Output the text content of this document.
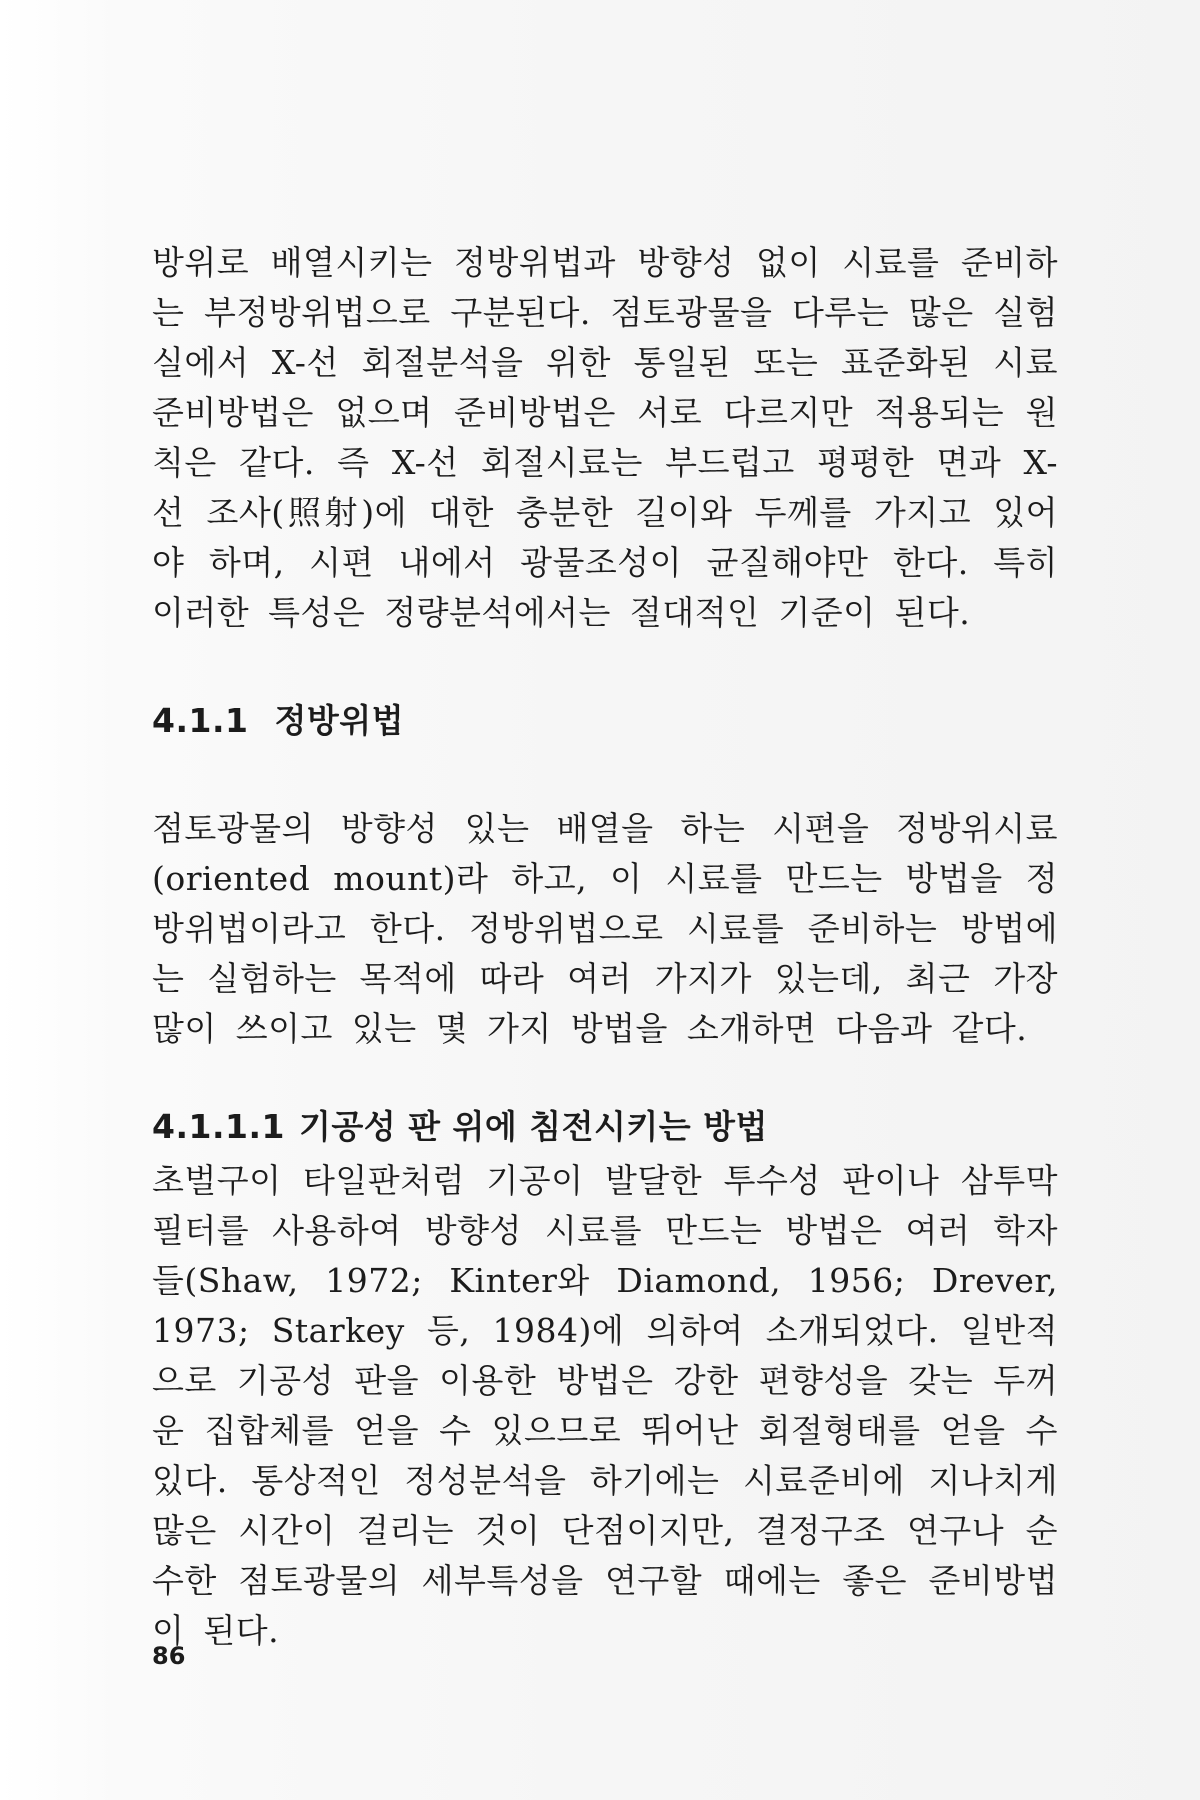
방위로 배열시키는 정방위법과 방향성 없이 시료를 준비하는 부정방위법으로 구분된다. 점토광물을 다루는 많은 실험실에서 X-선 회절분석을 위한 통일된 또는 표준화된 시료준비방법은 없으며 준비방법은 서로 다르지만 적용되는 원칙은 같다. 즉 X-선 회절시료는 부드럽고 평평한 면과 X-선 조사(照射)에 대한 충분한 길이와 두께를 가지고 있어야 하며, 시편 내에서 광물조성이 균질해야만 한다. 특히 이러한 특성은 정량분석에서는 절대적인 기준이 된다.

4.1.1 정방위법

점토광물의 방향성 있는 배열을 하는 시편을 정방위시료(oriented mount)라 하고, 이 시료를 만드는 방법을 정방위법이라고 한다. 정방위법으로 시료를 준비하는 방법에는 실험하는 목적에 따라 여러 가지가 있는데, 최근 가장 많이 쓰이고 있는 몇 가지 방법을 소개하면 다음과 같다.

4.1.1.1 기공성 판 위에 침전시키는 방법

초벌구이 타일판처럼 기공이 발달한 투수성 판이나 삼투막 필터를 사용하여 방향성 시료를 만드는 방법은 여러 학자들(Shaw, 1972; Kinter와 Diamond, 1956; Drever, 1973; Starkey 등, 1984)에 의하여 소개되었다. 일반적으로 기공성 판을 이용한 방법은 강한 편향성을 갖는 두꺼운 집합체를 얻을 수 있으므로 뛰어난 회절형태를 얻을 수 있다. 통상적인 정성분석을 하기에는 시료준비에 지나치게 많은 시간이 걸리는 것이 단점이지만, 결정구조 연구나 순수한 점토광물의 세부특성을 연구할 때에는 좋은 준비방법이 된다.

86
